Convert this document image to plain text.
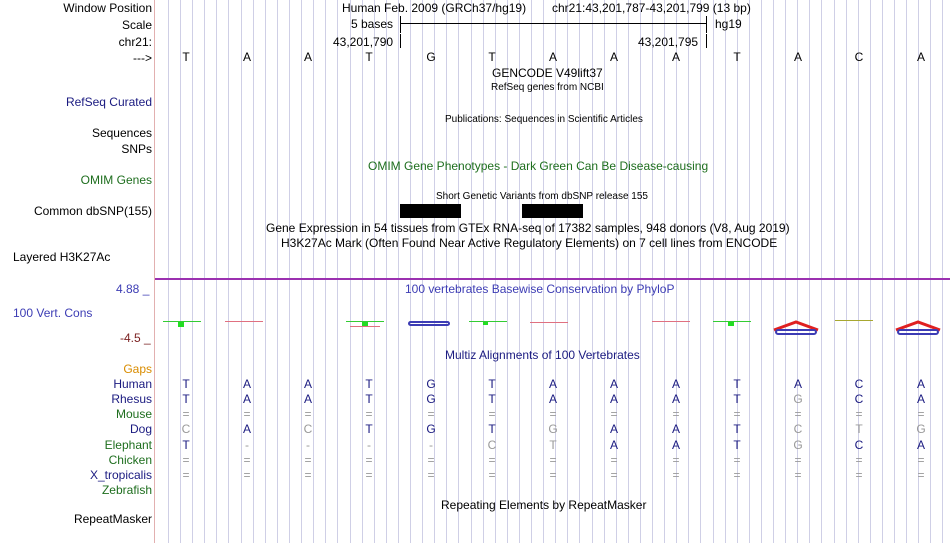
Window Position	Human Feb. 2009 (GRCh37/hg19) chr21:43,201,787-43,201,799 (13 bp)
Scale	5 bases	hg19
chr21:	43,201,790	43,201,795
--->	T	A	A	T	G	T	A	A	A	T	A	C	A
GENCODE V49lift37
RefSeq genes from NCBI
RefSeq Curated
Publications: Sequences in Scientific Articles
Sequences
SNPs
OMIM Gene Phenotypes - Dark Green Can Be Disease-causing
OMIM Genes
Short Genetic Variants from dbSNP release 155
Common dbSNP(155)
Gene Expression in 54 tissues from GTEx RNA-seq of 17382 samples, 948 donors (V8, Aug 2019)
H3K27Ac Mark (Often Found Near Active Regulatory Elements) on 7 cell lines from ENCODE
Layered H3K27Ac
4.88 _	100 vertebrates Basewise Conservation by PhyloP
100 Vert. Cons
-4.5 _
Multiz Alignments of 100 Vertebrates
Gaps
Human	T	A	A	T	G	T	A	A	A	T	A	C	A
Rhesus	T	A	A	T	G	T	A	A	A	T	G	C	A
Mouse	=	=	=	=	=	=	=	=	=	=	=	=	=
Dog	C	A	C	T	G	T	G	A	A	T	C	T	G
Elephant	T	-	-	-	-	C	T	A	A	T	G	C	A
Chicken	=	=	=	=	=	=	=	=	=	=	=	=	=
X_tropicalis	=	=	=	=	=	=	=	=	=	=	=	=	=
Zebrafish
Repeating Elements by RepeatMasker
RepeatMasker
